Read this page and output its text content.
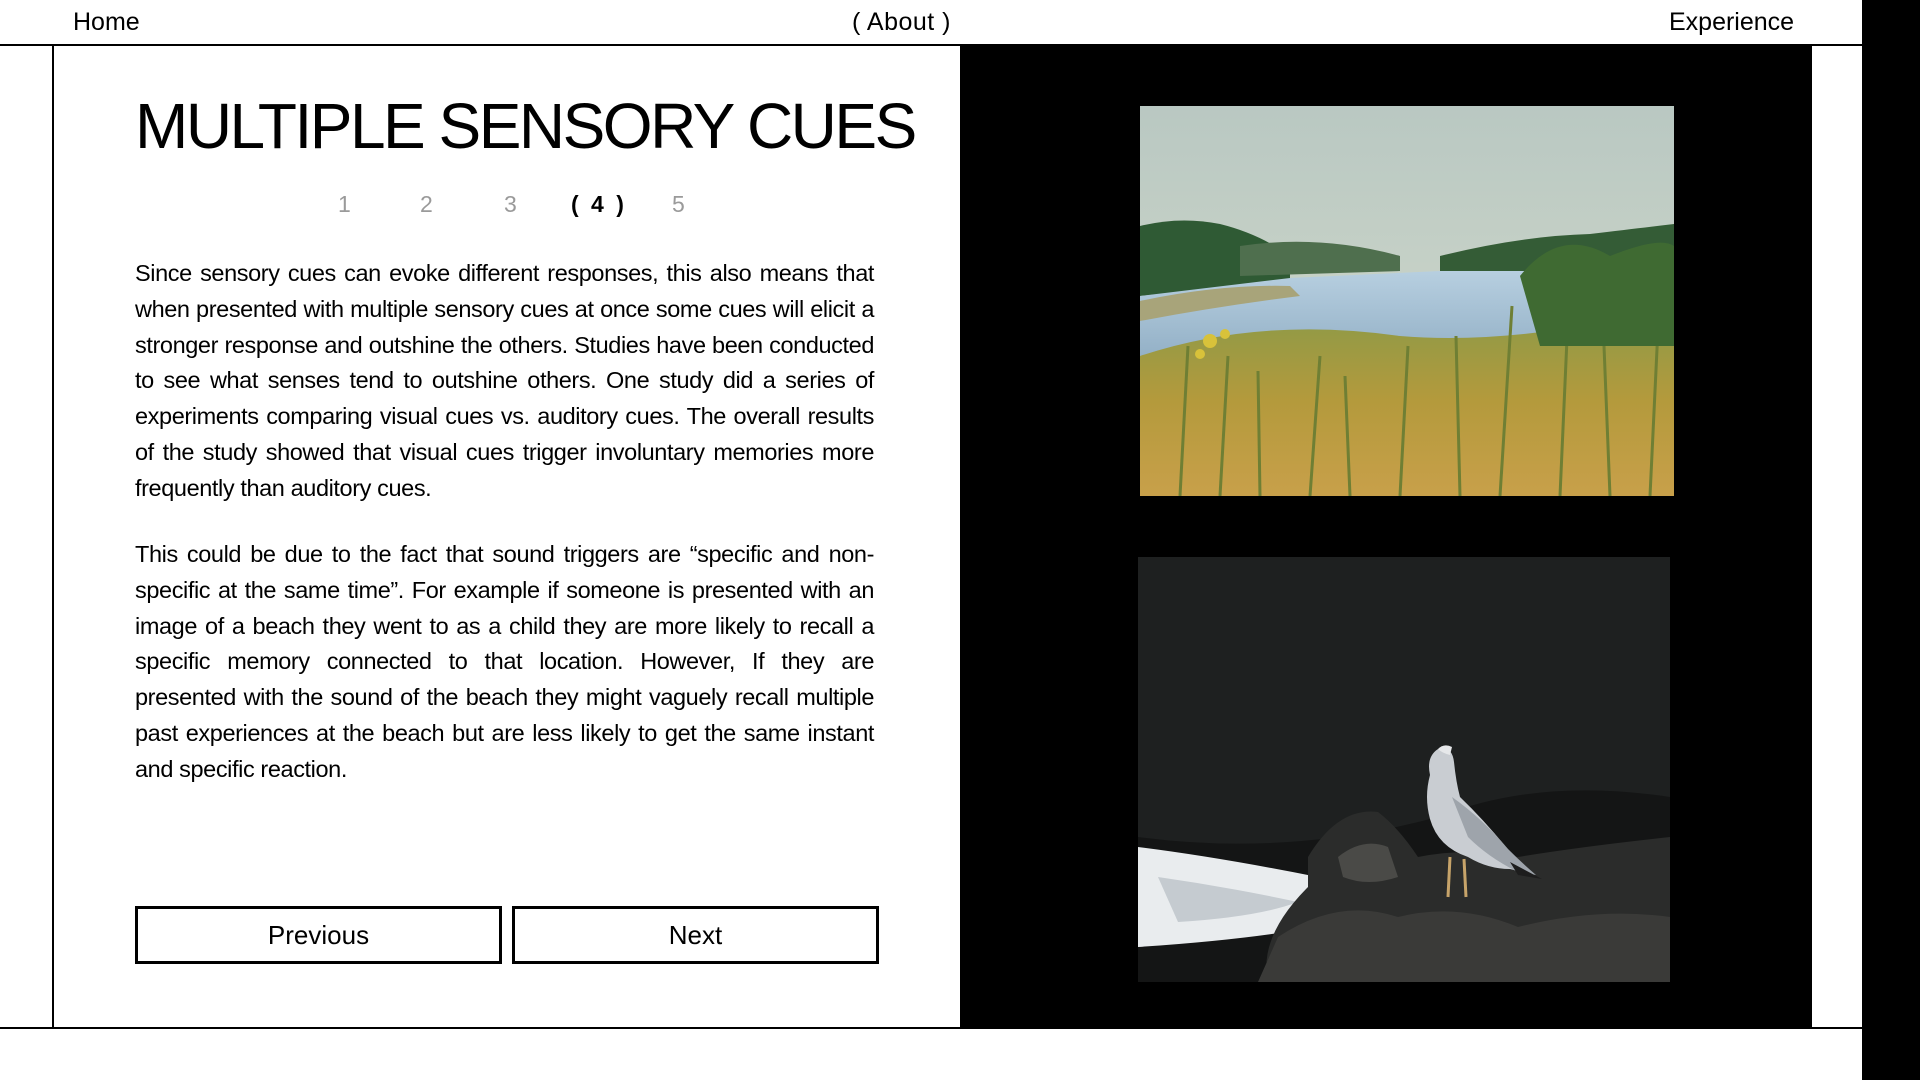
Home	( About )	Experience
MULTIPLE SENSORY CUES
1	2	3 ( 4 ) 5

Since sensory cues can evoke different responses, this also means that when presented with multiple sensory cues at once some cues will elicit a stronger response and outshine the others. Studies have been conducted to see what senses tend to outshine others. One study did a series of experiments comparing visual cues vs. auditory cues. The overall results of the study showed that visual cues trigger involuntary memories more frequently than auditory cues.

This could be due to the fact that sound triggers are “specific and non-specific at the same time”. For example if someone is presented with an image of a beach they went to as a child they are more likely to recall a specific memory connected to that location. However, If they are presented with the sound of the beach they might vaguely recall multiple past experiences at the beach but are less likely to get the same instant and specific reaction.

Previous	Next
